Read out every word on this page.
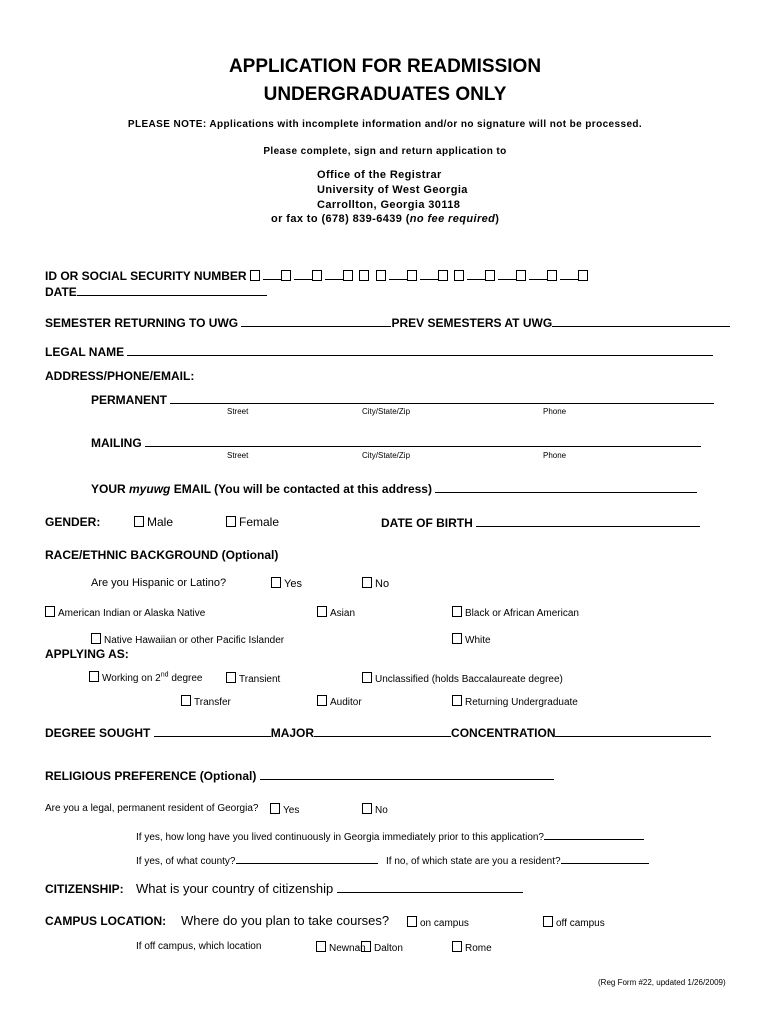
APPLICATION FOR READMISSION
UNDERGRADUATES ONLY
PLEASE NOTE: Applications with incomplete information and/or no signature will not be processed.
Please complete, sign and return application to
Office of the Registrar
University of West Georgia
Carrollton, Georgia 30118
or fax to (678) 839-6439 (no fee required)
ID OR SOCIAL SECURITY NUMBER
DATE
SEMESTER RETURNING TO UWG	PREV SEMESTERS AT UWG
LEGAL NAME
ADDRESS/PHONE/EMAIL:
PERMANENT
Street	City/State/Zip	Phone
MAILING
Street	City/State/Zip	Phone
YOUR myuwg EMAIL (You will be contacted at this address)
GENDER:	Male	Female	DATE OF BIRTH
RACE/ETHNIC BACKGROUND (Optional)
Are you Hispanic or Latino?	Yes	No
American Indian or Alaska Native	Asian	Black or African American
Native Hawaiian or other Pacific Islander	White
APPLYING AS:
Working on 2nd degree	Transient	Unclassified (holds Baccalaureate degree)
Transfer	Auditor	Returning Undergraduate
DEGREE SOUGHT	MAJOR	CONCENTRATION
RELIGIOUS PREFERENCE (Optional)
Are you a legal, permanent resident of Georgia?	Yes	No
If yes, how long have you lived continuously in Georgia immediately prior to this application?
If yes, of what county?	If no, of which state are you a resident?
CITIZENSHIP: What is your country of citizenship
CAMPUS LOCATION: Where do you plan to take courses?	on campus	off campus
If off campus, which location	Newnan Dalton	Rome
(Reg Form #22, updated 1/26/2009)
